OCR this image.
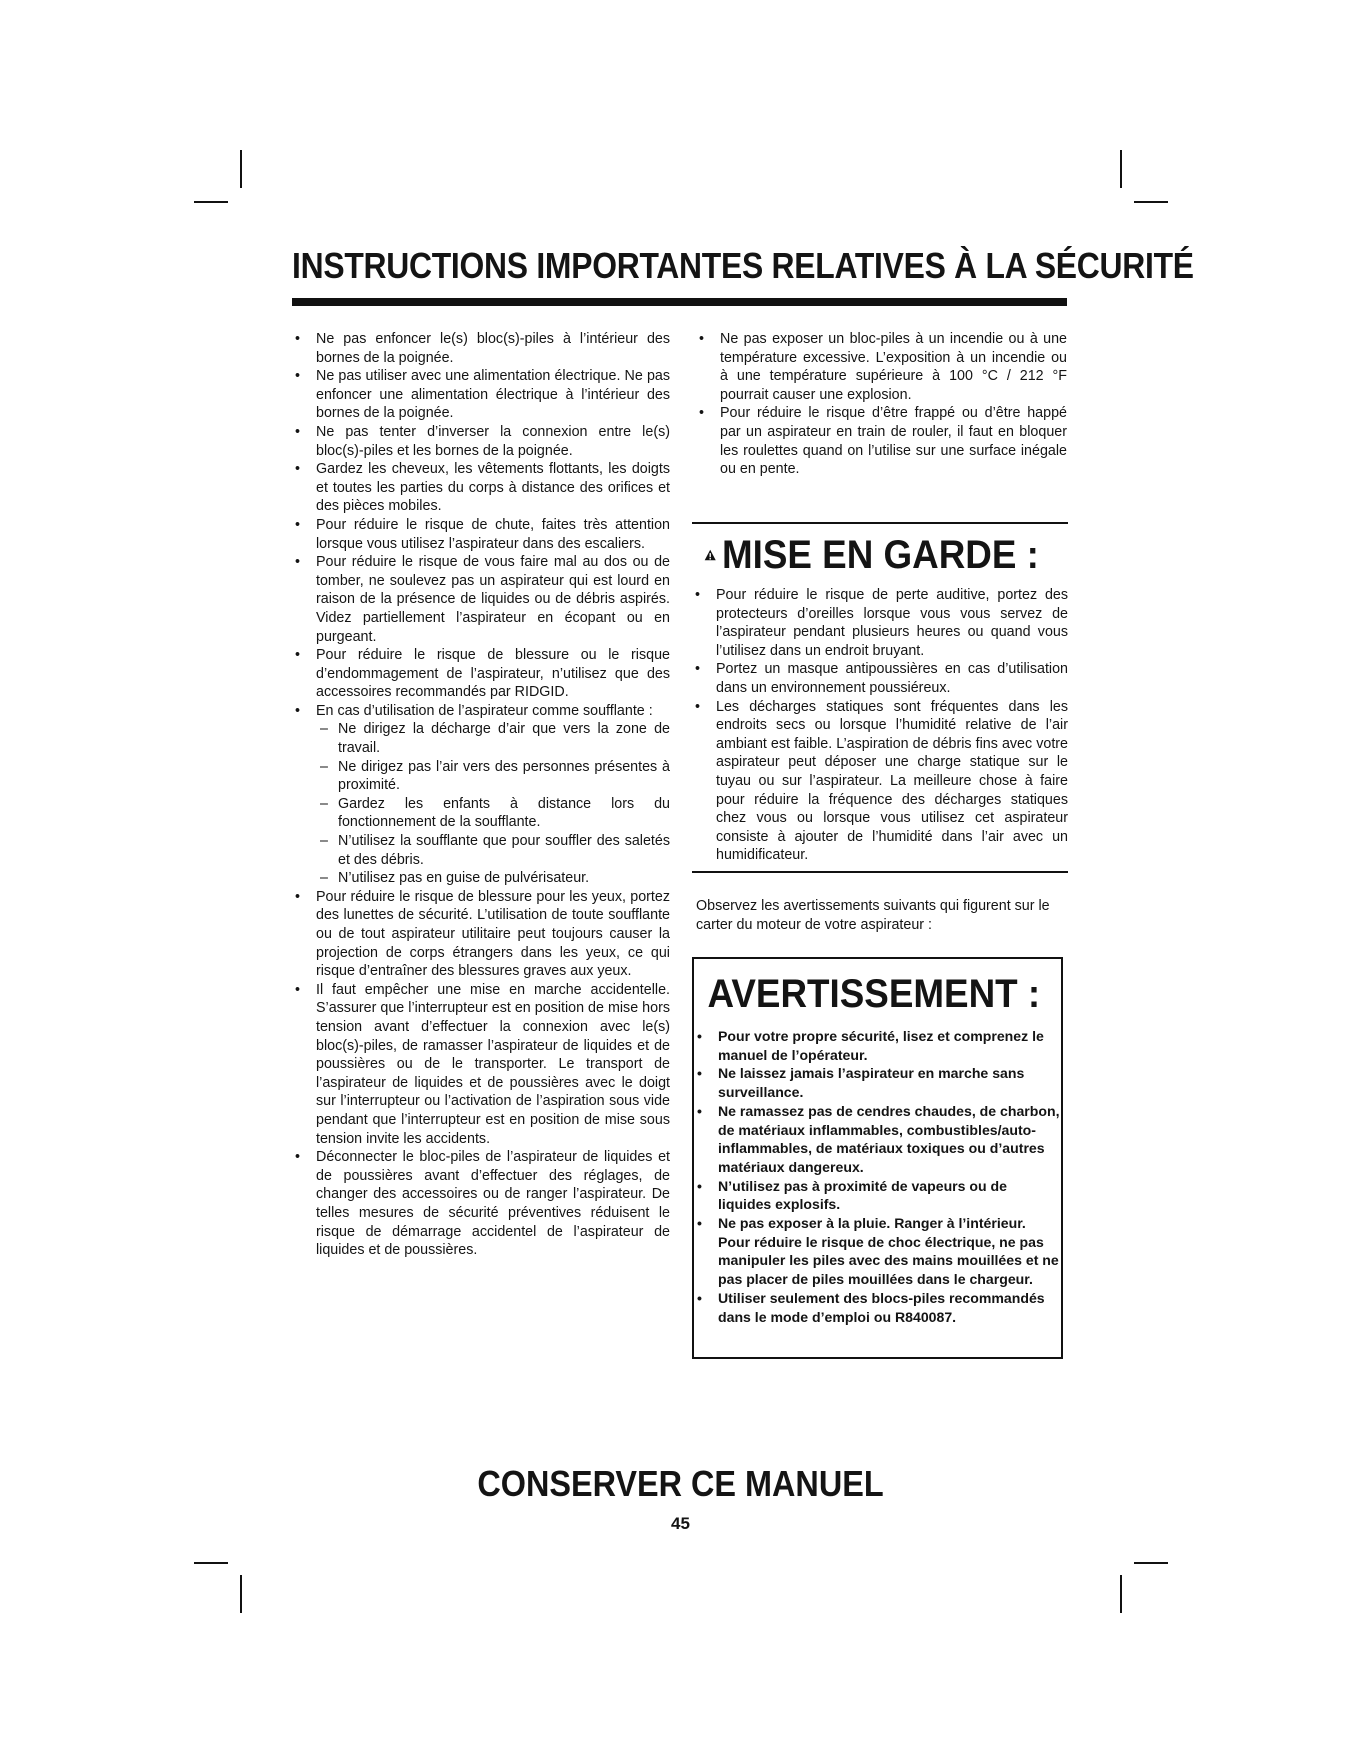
INSTRUCTIONS IMPORTANTES RELATIVES À LA SÉCURITÉ
• Ne pas enfoncer le(s) bloc(s)-piles à l’intérieur des bornes de la poignée.
• Ne pas utiliser avec une alimentation électrique. Ne pas enfoncer une alimentation électrique à l’intérieur des bornes de la poignée.
• Ne pas tenter d’inverser la connexion entre le(s) bloc(s)-piles et les bornes de la poignée.
• Gardez les cheveux, les vêtements flottants, les doigts et toutes les parties du corps à distance des orifices et des pièces mobiles.
• Pour réduire le risque de chute, faites très attention lorsque vous utilisez l’aspirateur dans des escaliers.
• Pour réduire le risque de vous faire mal au dos ou de tomber, ne soulevez pas un aspirateur qui est lourd en raison de la présence de liquides ou de débris aspirés. Videz partiellement l’aspirateur en écopant ou en purgeant.
• Pour réduire le risque de blessure ou le risque d’endommagement de l’aspirateur, n’utilisez que des accessoires recommandés par RIDGID.
• En cas d’utilisation de l’aspirateur comme soufflante :
– Ne dirigez la décharge d’air que vers la zone de travail.
– Ne dirigez pas l’air vers des personnes présentes à proximité.
– Gardez les enfants à distance lors du fonctionnement de la soufflante.
– N’utilisez la soufflante que pour souffler des saletés et des débris.
– N’utilisez pas en guise de pulvérisateur.
• Pour réduire le risque de blessure pour les yeux, portez des lunettes de sécurité. L’utilisation de toute soufflante ou de tout aspirateur utilitaire peut toujours causer la projection de corps étrangers dans les yeux, ce qui risque d’entraîner des blessures graves aux yeux.
• Il faut empêcher une mise en marche accidentelle. S’assurer que l’interrupteur est en position de mise hors tension avant d’effectuer la connexion avec le(s) bloc(s)-piles, de ramasser l’aspirateur de liquides et de poussières ou de le transporter. Le transport de l’aspirateur de liquides et de poussières avec le doigt sur l’interrupteur ou l’activation de l’aspiration sous vide pendant que l’interrupteur est en position de mise sous tension invite les accidents.
• Déconnecter le bloc-piles de l’aspirateur de liquides et de poussières avant d’effectuer des réglages, de changer des accessoires ou de ranger l’aspirateur. De telles mesures de sécurité préventives réduisent le risque de démarrage accidentel de l’aspirateur de liquides et de poussières.
• Ne pas exposer un bloc-piles à un incendie ou à une température excessive. L’exposition à un incendie ou à une température supérieure à 100 °C / 212 °F pourrait causer une explosion.
• Pour réduire le risque d’être frappé ou d’être happé par un aspirateur en train de rouler, il faut en bloquer les roulettes quand on l’utilise sur une surface inégale ou en pente.
MISE EN GARDE :
• Pour réduire le risque de perte auditive, portez des protecteurs d’oreilles lorsque vous vous servez de l’aspirateur pendant plusieurs heures ou quand vous l’utilisez dans un endroit bruyant.
• Portez un masque antipoussières en cas d’utilisation dans un environnement poussiéreux.
• Les décharges statiques sont fréquentes dans les endroits secs ou lorsque l’humidité relative de l’air ambiant est faible. L’aspiration de débris fins avec votre aspirateur peut déposer une charge statique sur le tuyau ou sur l’aspirateur. La meilleure chose à faire pour réduire la fréquence des décharges statiques chez vous ou lorsque vous utilisez cet aspirateur consiste à ajouter de l’humidité dans l’air avec un humidificateur.

Observez les avertissements suivants qui figurent sur le carter du moteur de votre aspirateur :

AVERTISSEMENT :
• Pour votre propre sécurité, lisez et comprenez le manuel de l’opérateur.
• Ne laissez jamais l’aspirateur en marche sans surveillance.
• Ne ramassez pas de cendres chaudes, de charbon, de matériaux inflammables, combustibles/auto-inflammables, de matériaux toxiques ou d’autres matériaux dangereux.
• N’utilisez pas à proximité de vapeurs ou de liquides explosifs.
• Ne pas exposer à la pluie. Ranger à l’intérieur. Pour réduire le risque de choc électrique, ne pas manipuler les piles avec des mains mouillées et ne pas placer de piles mouillées dans le chargeur.
• Utiliser seulement des blocs-piles recommandés dans le mode d’emploi ou R840087.
CONSERVER CE MANUEL
45
